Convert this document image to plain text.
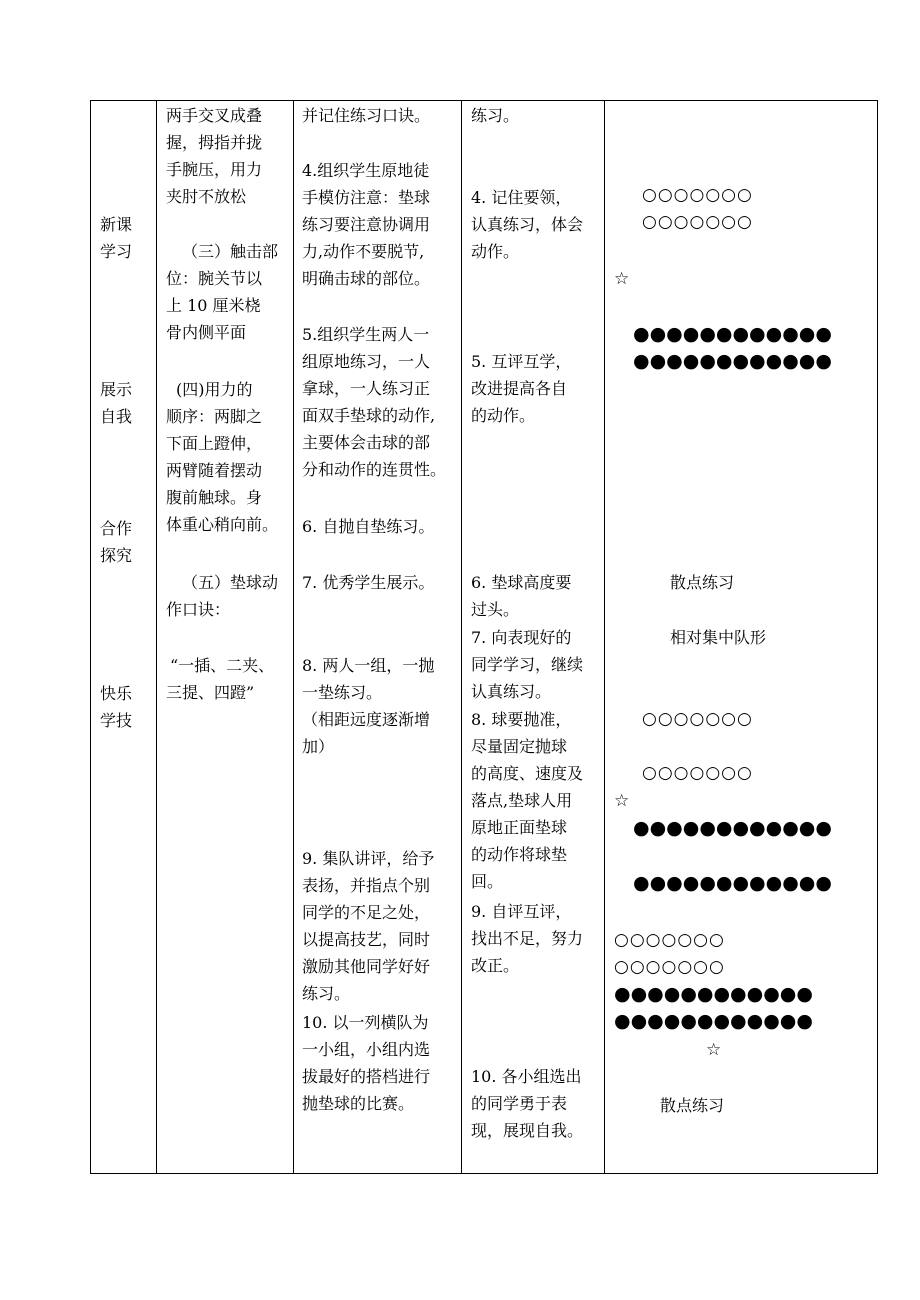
新课
学习
展示
自我
合作
探究
快乐
学技
两手交叉成叠
握，拇指并拢
手腕压，用力
夹肘不放松
（三）触击部
位：腕关节以
上 10 厘米桡
骨内侧平面
(四)用力的
顺序：两脚之
下面上蹬伸，
两臂随着摆动
腹前触球。身
体重心稍向前。
（五）垫球动
作口诀：
“一插、二夹、
三提、四蹬”
并记住练习口诀。
4.组织学生原地徒
手模仿注意：垫球
练习要注意协调用
力,动作不要脱节,
明确击球的部位。
5.组织学生两人一
组原地练习，一人
拿球，一人练习正
面双手垫球的动作,
主要体会击球的部
分和动作的连贯性。
6. 自抛自垫练习。
7. 优秀学生展示。
8. 两人一组，一抛
一垫练习。
（相距远度逐渐增
加）
9. 集队讲评，给予
表扬，并指点个别
同学的不足之处，
以提高技艺，同时
激励其他同学好好
练习。
10. 以一列横队为
一小组，小组内选
拔最好的搭档进行
抛垫球的比赛。
练习。
4. 记住要领，
认真练习，体会
动作。
5. 互评互学，
改进提高各自
的动作。
6. 垫球高度要
过头。
7. 向表现好的
同学学习，继续
认真练习。
8. 球要抛准，
尽量固定抛球
的高度、速度及
落点,垫球人用
原地正面垫球
的动作将球垫
回。
9. 自评互评，
找出不足，努力
改正。
10. 各小组选出
的同学勇于表
现，展现自我。
○○○○○○○
○○○○○○○
☆
●●●●●●●●●●●●
●●●●●●●●●●●●
散点练习
相对集中队形
○○○○○○○
○○○○○○○
☆
●●●●●●●●●●●●
●●●●●●●●●●●●
○○○○○○○
○○○○○○○
●●●●●●●●●●●●
●●●●●●●●●●●●
☆
散点练习
